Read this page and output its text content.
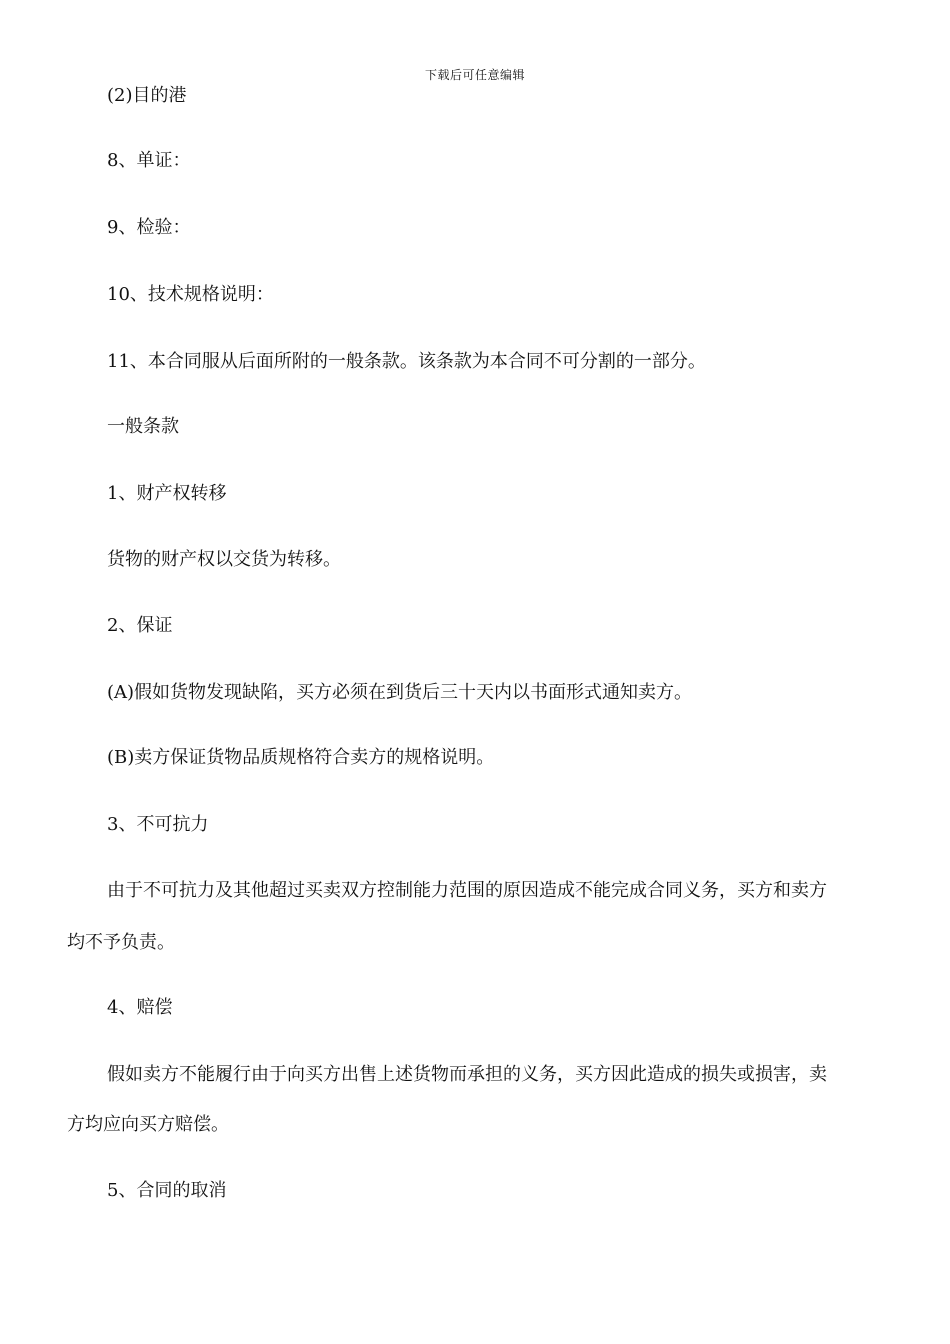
下载后可任意编辑
(2)目的港
8、单证：
9、检验：
10、技术规格说明：
11、本合同服从后面所附的一般条款。该条款为本合同不可分割的一部分。
一般条款
1、财产权转移
货物的财产权以交货为转移。
2、保证
(A)假如货物发现缺陷，买方必须在到货后三十天内以书面形式通知卖方。
(B)卖方保证货物品质规格符合卖方的规格说明。
3、不可抗力
由于不可抗力及其他超过买卖双方控制能力范围的原因造成不能完成合同义务，买方和卖方
均不予负责。
4、赔偿
假如卖方不能履行由于向买方出售上述货物而承担的义务，买方因此造成的损失或损害，卖
方均应向买方赔偿。
5、合同的取消
